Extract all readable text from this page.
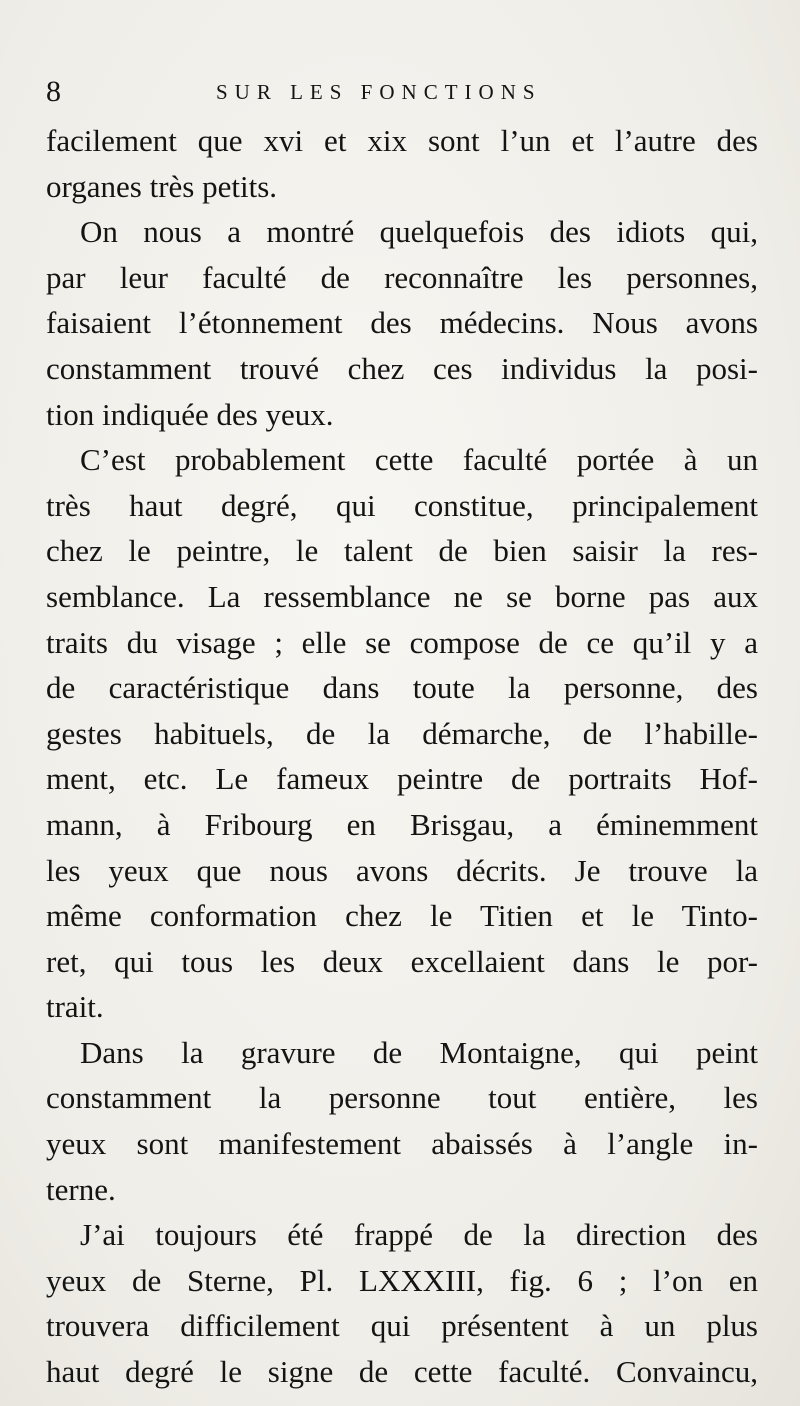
8	SUR LES FONCTIONS
facilement que xvi et xix sont l’un et l’autre des
organes très petits.
On nous a montré quelquefois des idiots qui,
par leur faculté de reconnaître les personnes,
faisaient l’étonnement des médecins. Nous avons
constamment trouvé chez ces individus la posi-
tion indiquée des yeux.
C’est probablement cette faculté portée à un
très haut degré, qui constitue, principalement
chez le peintre, le talent de bien saisir la res-
semblance. La ressemblance ne se borne pas aux
traits du visage ; elle se compose de ce qu’il y a
de caractéristique dans toute la personne, des
gestes habituels, de la démarche, de l’habille-
ment, etc. Le fameux peintre de portraits Hof-
mann, à Fribourg en Brisgau, a éminemment
les yeux que nous avons décrits. Je trouve la
même conformation chez le Titien et le Tinto-
ret, qui tous les deux excellaient dans le por-
trait.
Dans la gravure de Montaigne, qui peint
constamment la personne tout entière, les
yeux sont manifestement abaissés à l’angle in-
terne.
J’ai toujours été frappé de la direction des
yeux de Sterne, Pl. LXXXIII, fig. 6 ; l’on en
trouvera difficilement qui présentent à un plus
haut degré le signe de cette faculté. Convaincu,
